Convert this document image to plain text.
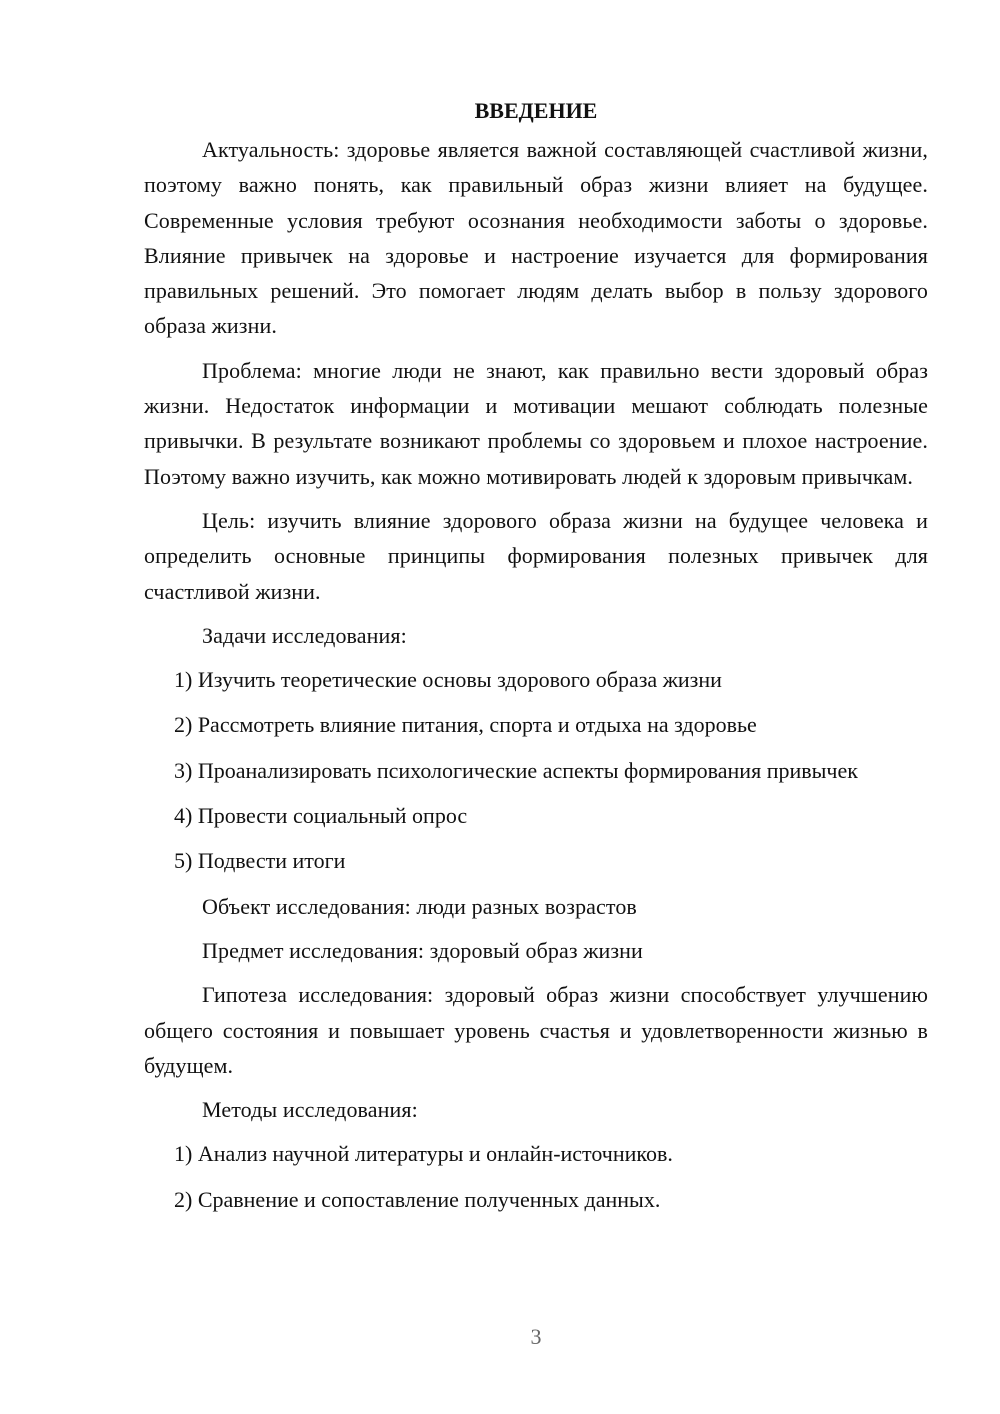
ВВЕДЕНИЕ

Актуальность: здоровье является важной составляющей счастливой жизни, поэтому важно понять, как правильный образ жизни влияет на будущее. Современные условия требуют осознания необходимости заботы о здоровье. Влияние привычек на здоровье и настроение изучается для формирования правильных решений. Это помогает людям делать выбор в пользу здорового образа жизни.

Проблема: многие люди не знают, как правильно вести здоровый образ жизни. Недостаток информации и мотивации мешают соблюдать полезные привычки. В результате возникают проблемы со здоровьем и плохое настроение. Поэтому важно изучить, как можно мотивировать людей к здоровым привычкам.

Цель: изучить влияние здорового образа жизни на будущее человека и определить основные принципы формирования полезных привычек для счастливой жизни.

Задачи исследования:

1) Изучить теоретические основы здорового образа жизни

2) Рассмотреть влияние питания, спорта и отдыха на здоровье

3) Проанализировать психологические аспекты формирования привычек

4) Провести социальный опрос

5) Подвести итоги

Объект исследования: люди разных возрастов

Предмет исследования: здоровый образ жизни

Гипотеза исследования: здоровый образ жизни способствует улучшению общего состояния и повышает уровень счастья и удовлетворенности жизнью в будущем.

Методы исследования:

1) Анализ научной литературы и онлайн-источников.

2) Сравнение и сопоставление полученных данных.

3
